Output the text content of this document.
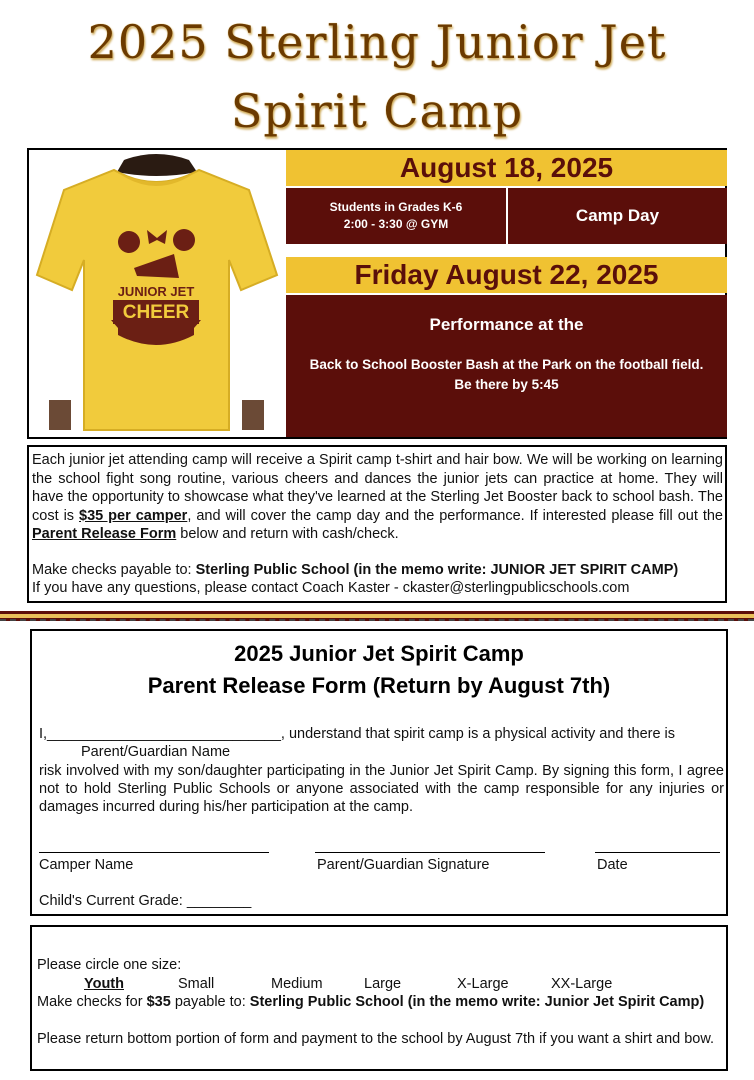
2025 Sterling Junior Jet
Spirit Camp
JUNIOR JET
CHEER
August 18, 2025
Students in Grades K-6
2:00 - 3:30 @ GYM	Camp Day
Friday August 22, 2025
Performance at the
Back to School Booster Bash at the Park on the football field.
Be there by 5:45

Each junior jet attending camp will receive a Spirit camp t-shirt and hair bow. We will be working on learning the school fight song routine, various cheers and dances the junior jets can practice at home. They will have the opportunity to showcase what they've learned at the Sterling Jet Booster back to school bash. The cost is $35 per camper, and will cover the camp day and the performance. If interested please fill out the Parent Release Form below and return with cash/check.

Make checks payable to: Sterling Public School (in the memo write: JUNIOR JET SPIRIT CAMP)

If you have any questions, please contact Coach Kaster - ckaster@sterlingpublicschools.com

2025 Junior Jet Spirit Camp
Parent Release Form (Return by August 7th)
I,_____________________________, understand that spirit camp is a physical activity and there is
Parent/Guardian Name
risk involved with my son/daughter participating in the Junior Jet Spirit Camp. By signing this form, I agree not to hold Sterling Public Schools or anyone associated with the camp responsible for any injuries or damages incurred during his/her participation at the camp.
Camper Name	Parent/Guardian Signature	Date
Child's Current Grade: ________
Please circle one size:
Youth	Small	Medium	Large	X-Large	XX-Large
Make checks for $35 payable to: Sterling Public School (in the memo write: Junior Jet Spirit Camp)
Please return bottom portion of form and payment to the school by August 7th if you want a shirt and bow.
